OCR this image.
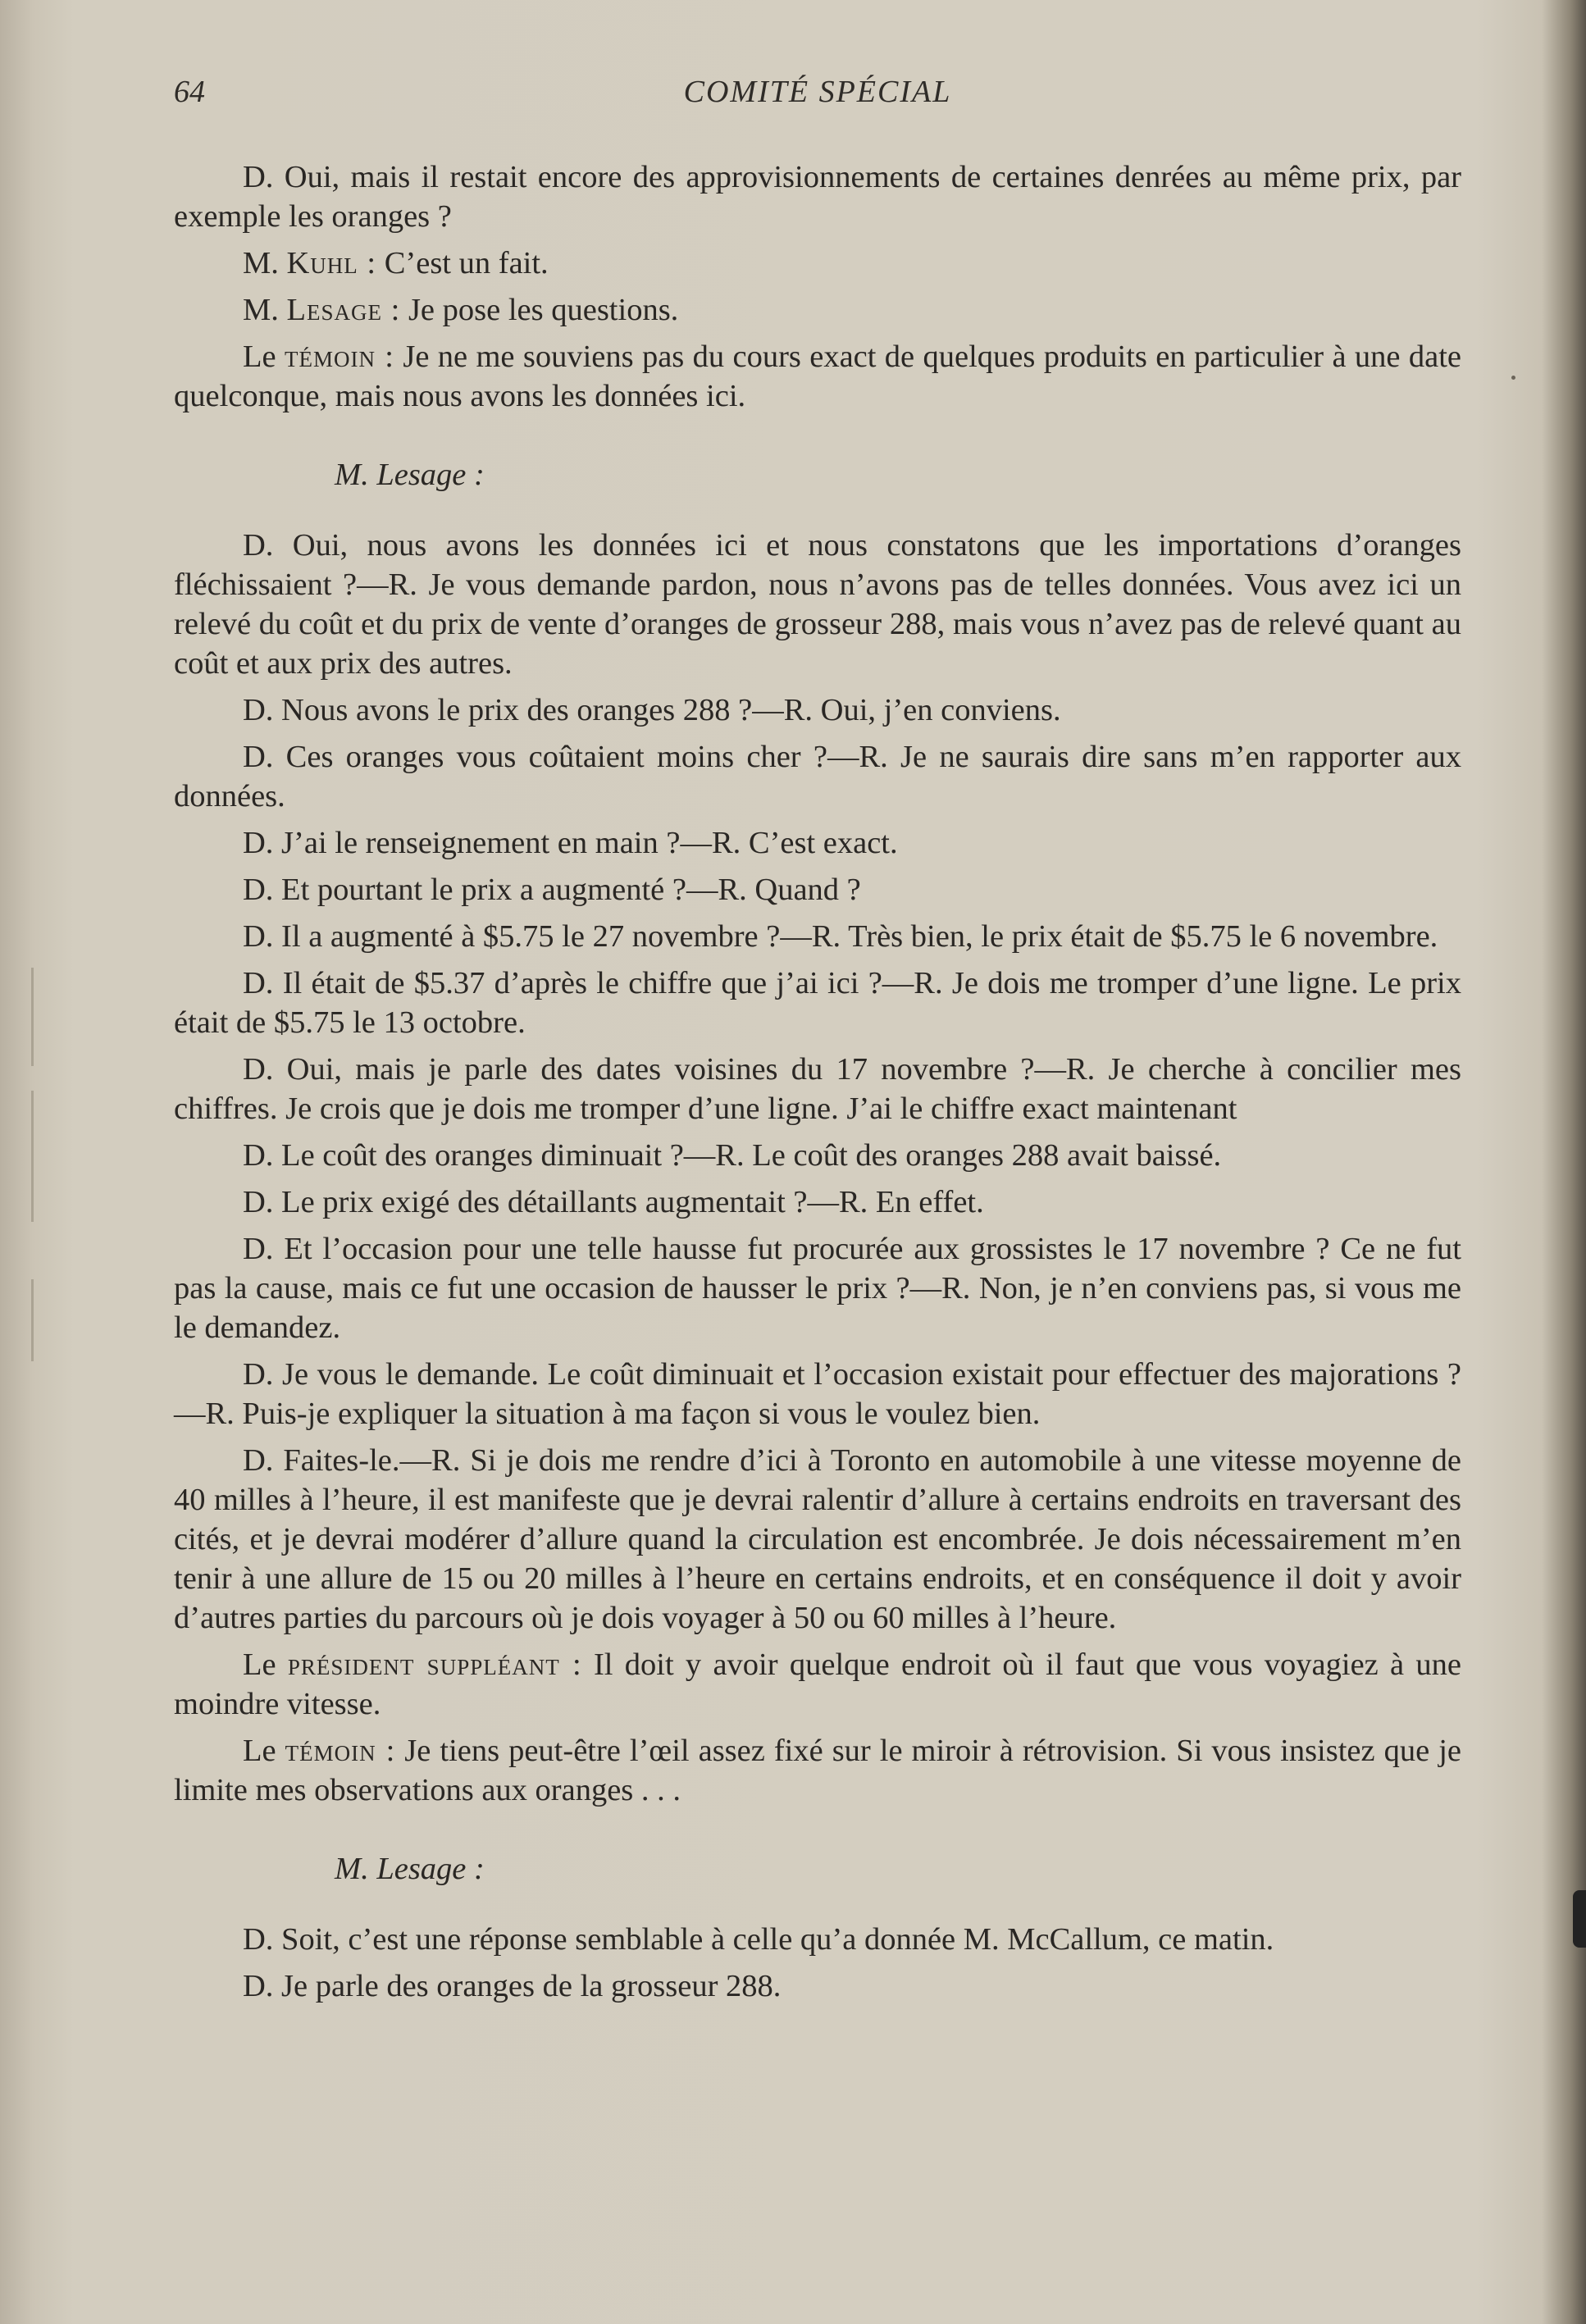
64	COMITÉ SPÉCIAL

D. Oui, mais il restait encore des approvisionnements de certaines denrées au même prix, par exemple les oranges ?

M. Kuhl : C’est un fait.

M. Lesage : Je pose les questions.

Le témoin : Je ne me souviens pas du cours exact de quelques produits en particulier à une date quelconque, mais nous avons les données ici.

M. Lesage :

D. Oui, nous avons les données ici et nous constatons que les importations d’oranges fléchissaient ?—R. Je vous demande pardon, nous n’avons pas de telles données. Vous avez ici un relevé du coût et du prix de vente d’oranges de grosseur 288, mais vous n’avez pas de relevé quant au coût et aux prix des autres.

D. Nous avons le prix des oranges 288 ?—R. Oui, j’en conviens.

D. Ces oranges vous coûtaient moins cher ?—R. Je ne saurais dire sans m’en rapporter aux données.

D. J’ai le renseignement en main ?—R. C’est exact.

D. Et pourtant le prix a augmenté ?—R. Quand ?

D. Il a augmenté à $5.75 le 27 novembre ?—R. Très bien, le prix était de $5.75 le 6 novembre.

D. Il était de $5.37 d’après le chiffre que j’ai ici ?—R. Je dois me tromper d’une ligne. Le prix était de $5.75 le 13 octobre.

D. Oui, mais je parle des dates voisines du 17 novembre ?—R. Je cherche à concilier mes chiffres. Je crois que je dois me tromper d’une ligne. J’ai le chiffre exact maintenant

D. Le coût des oranges diminuait ?—R. Le coût des oranges 288 avait baissé.

D. Le prix exigé des détaillants augmentait ?—R. En effet.

D. Et l’occasion pour une telle hausse fut procurée aux grossistes le 17 novembre ? Ce ne fut pas la cause, mais ce fut une occasion de hausser le prix ?—R. Non, je n’en conviens pas, si vous me le demandez.

D. Je vous le demande. Le coût diminuait et l’occasion existait pour effectuer des majorations ?—R. Puis-je expliquer la situation à ma façon si vous le voulez bien.

D. Faites-le.—R. Si je dois me rendre d’ici à Toronto en automobile à une vitesse moyenne de 40 milles à l’heure, il est manifeste que je devrai ralentir d’allure à certains endroits en traversant des cités, et je devrai modérer d’allure quand la circulation est encombrée. Je dois nécessairement m’en tenir à une allure de 15 ou 20 milles à l’heure en certains endroits, et en conséquence il doit y avoir d’autres parties du parcours où je dois voyager à 50 ou 60 milles à l’heure.

Le président suppléant : Il doit y avoir quelque endroit où il faut que vous voyagiez à une moindre vitesse.

Le témoin : Je tiens peut-être l’œil assez fixé sur le miroir à rétrovision. Si vous insistez que je limite mes observations aux oranges . . .

M. Lesage :

D. Soit, c’est une réponse semblable à celle qu’a donnée M. McCallum, ce matin.

D. Je parle des oranges de la grosseur 288.
